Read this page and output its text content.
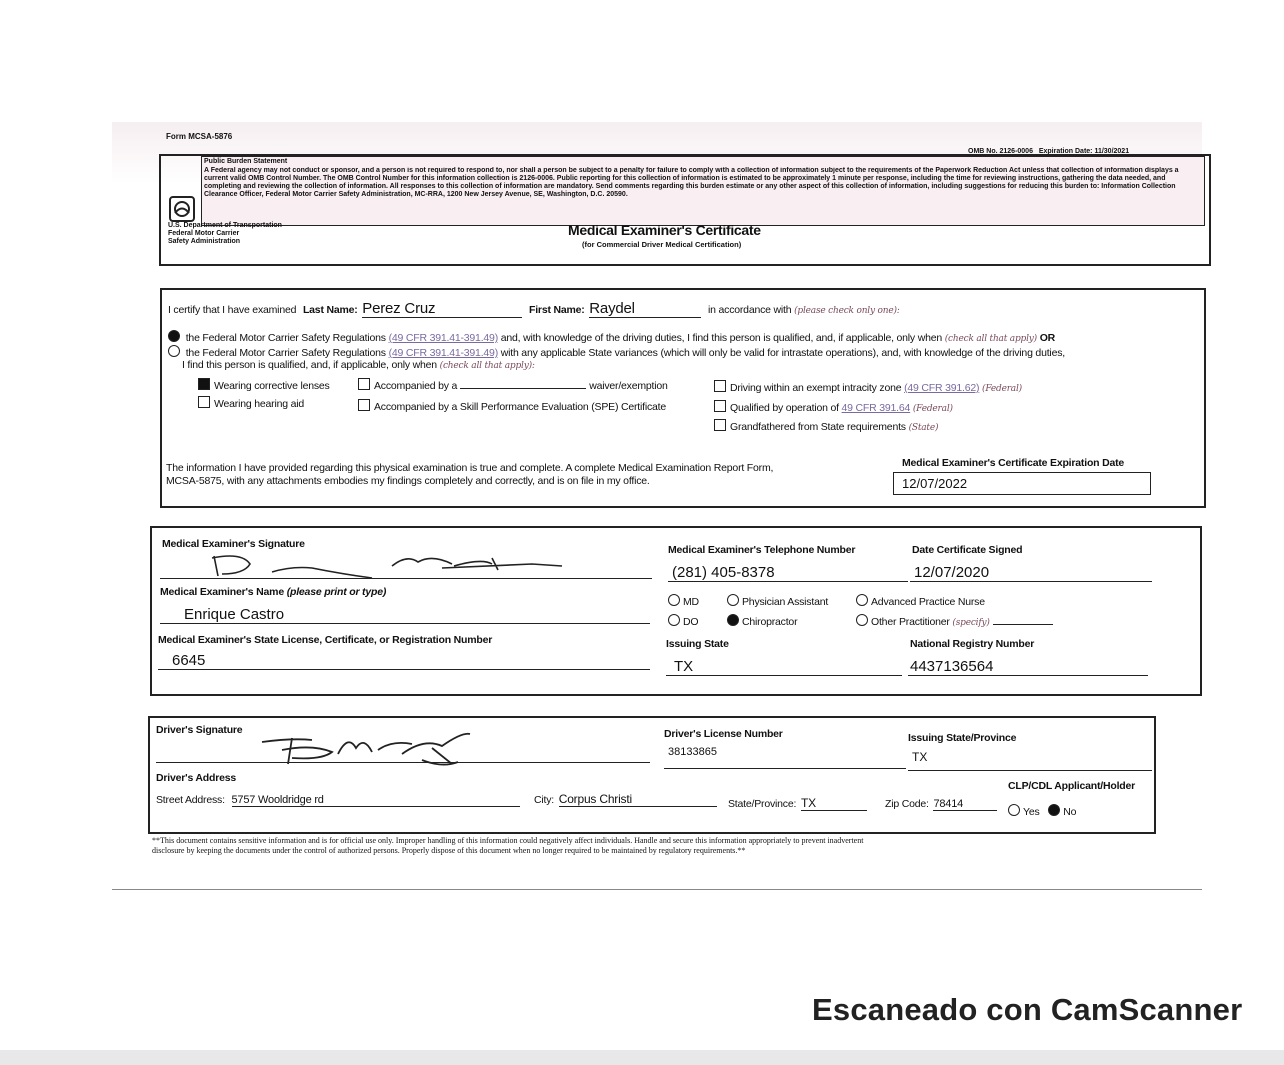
Form MCSA-5876
OMB No. 2126-0006 Expiration Date: 11/30/2021
Public Burden Statement
A Federal agency may not conduct or sponsor, and a person is not required to respond to, nor shall a person be subject to a penalty for failure to comply with a collection of information subject to the requirements of the Paperwork Reduction Act unless that collection of information displays a current valid OMB Control Number. The OMB Control Number for this information collection is 2126-0006. Public reporting for this collection of information is estimated to be approximately 1 minute per response, including the time for reviewing instructions, gathering the data needed, and completing and reviewing the collection of information. All responses to this collection of information are mandatory. Send comments regarding this burden estimate or any other aspect of this collection of information, including suggestions for reducing this burden to: Information Collection Clearance Officer, Federal Motor Carrier Safety Administration, MC-RRA, 1200 New Jersey Avenue, SE, Washington, D.C. 20590.
U.S. Department of Transportation
Federal Motor Carrier
Safety Administration
Medical Examiner's Certificate
(for Commercial Driver Medical Certification)
I certify that I have examined Last Name: Perez Cruz	First Name: Raydel	in accordance with (please check only one):
the Federal Motor Carrier Safety Regulations (49 CFR 391.41-391.49) and, with knowledge of the driving duties, I find this person is qualified, and, if applicable, only when (check all that apply) OR
the Federal Motor Carrier Safety Regulations (49 CFR 391.41-391.49) with any applicable State variances (which will only be valid for intrastate operations), and, with knowledge of the driving duties,
I find this person is qualified, and, if applicable, only when (check all that apply):
Wearing corrective lenses
Wearing hearing aid
Accompanied by a	waiver/exemption
Accompanied by a Skill Performance Evaluation (SPE) Certificate
Driving within an exempt intracity zone (49 CFR 391.62) (Federal)
Qualified by operation of 49 CFR 391.64 (Federal)
Grandfathered from State requirements (State)
The information I have provided regarding this physical examination is true and complete. A complete Medical Examination Report Form,
MCSA-5875, with any attachments embodies my findings completely and correctly, and is on file in my office.
Medical Examiner's Certificate Expiration Date
12/07/2022
Medical Examiner's Signature	Medical Examiner's Telephone Number
(281) 405-8378
Date Certificate Signed
12/07/2020
Medical Examiner's Name (please print or type)
Enrique Castro
MD
DO
Physician Assistant
Chiropractor
Advanced Practice Nurse
Other Practitioner (specify)
Medical Examiner's State License, Certificate, or Registration Number
6645
Issuing State
TX
National Registry Number
4437136564
Driver's Signature	Driver's License Number
38133865
Issuing State/Province
TX
Driver's Address
CLP/CDL Applicant/Holder
Street Address: 5757 Wooldridge rd	City: Corpus Christi	State/Province: TX	Zip Code: 78414
Yes No
**This document contains sensitive information and is for official use only. Improper handling of this information could negatively affect individuals. Handle and secure this information appropriately to prevent inadvertent
disclosure by keeping the documents under the control of authorized persons. Properly dispose of this document when no longer required to be maintained by regulatory requirements.**
Escaneado con CamScanner
